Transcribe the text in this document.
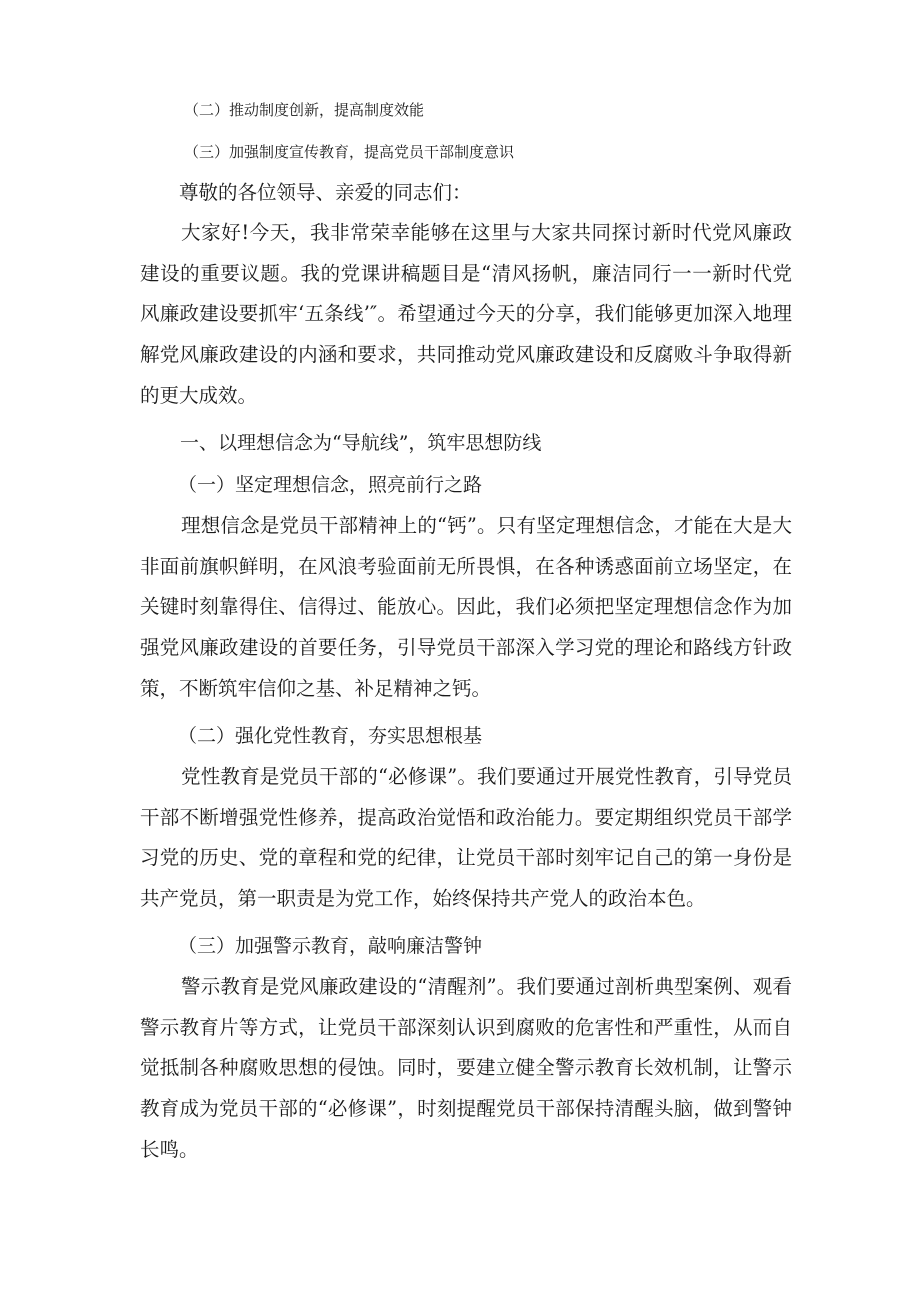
（二）推动制度创新，提高制度效能

（三）加强制度宣传教育，提高党员干部制度意识

尊敬的各位领导、亲爱的同志们：

大家好!今天，我非常荣幸能够在这里与大家共同探讨新时代党风廉政建设的重要议题。我的党课讲稿题目是“清风扬帆，廉洁同行一一新时代党风廉政建设要抓牢‘五条线’″。希望通过今天的分享，我们能够更加深入地理解党风廉政建设的内涵和要求，共同推动党风廉政建设和反腐败斗争取得新的更大成效。

一、以理想信念为“导航线”，筑牢思想防线

（一）坚定理想信念，照亮前行之路

理想信念是党员干部精神上的“钙”。只有坚定理想信念，才能在大是大非面前旗帜鲜明，在风浪考验面前无所畏惧，在各种诱惑面前立场坚定，在关键时刻靠得住、信得过、能放心。因此，我们必须把坚定理想信念作为加强党风廉政建设的首要任务，引导党员干部深入学习党的理论和路线方针政策，不断筑牢信仰之基、补足精神之钙。

（二）强化党性教育，夯实思想根基

党性教育是党员干部的“必修课”。我们要通过开展党性教育，引导党员干部不断增强党性修养，提高政治觉悟和政治能力。要定期组织党员干部学习党的历史、党的章程和党的纪律，让党员干部时刻牢记自己的第一身份是共产党员，第一职责是为党工作，始终保持共产党人的政治本色。

（三）加强警示教育，敲响廉洁警钟

警示教育是党风廉政建设的“清醒剂”。我们要通过剖析典型案例、观看警示教育片等方式，让党员干部深刻认识到腐败的危害性和严重性，从而自觉抵制各种腐败思想的侵蚀。同时，要建立健全警示教育长效机制，让警示教育成为党员干部的“必修课”，时刻提醒党员干部保持清醒头脑，做到警钟长鸣。
